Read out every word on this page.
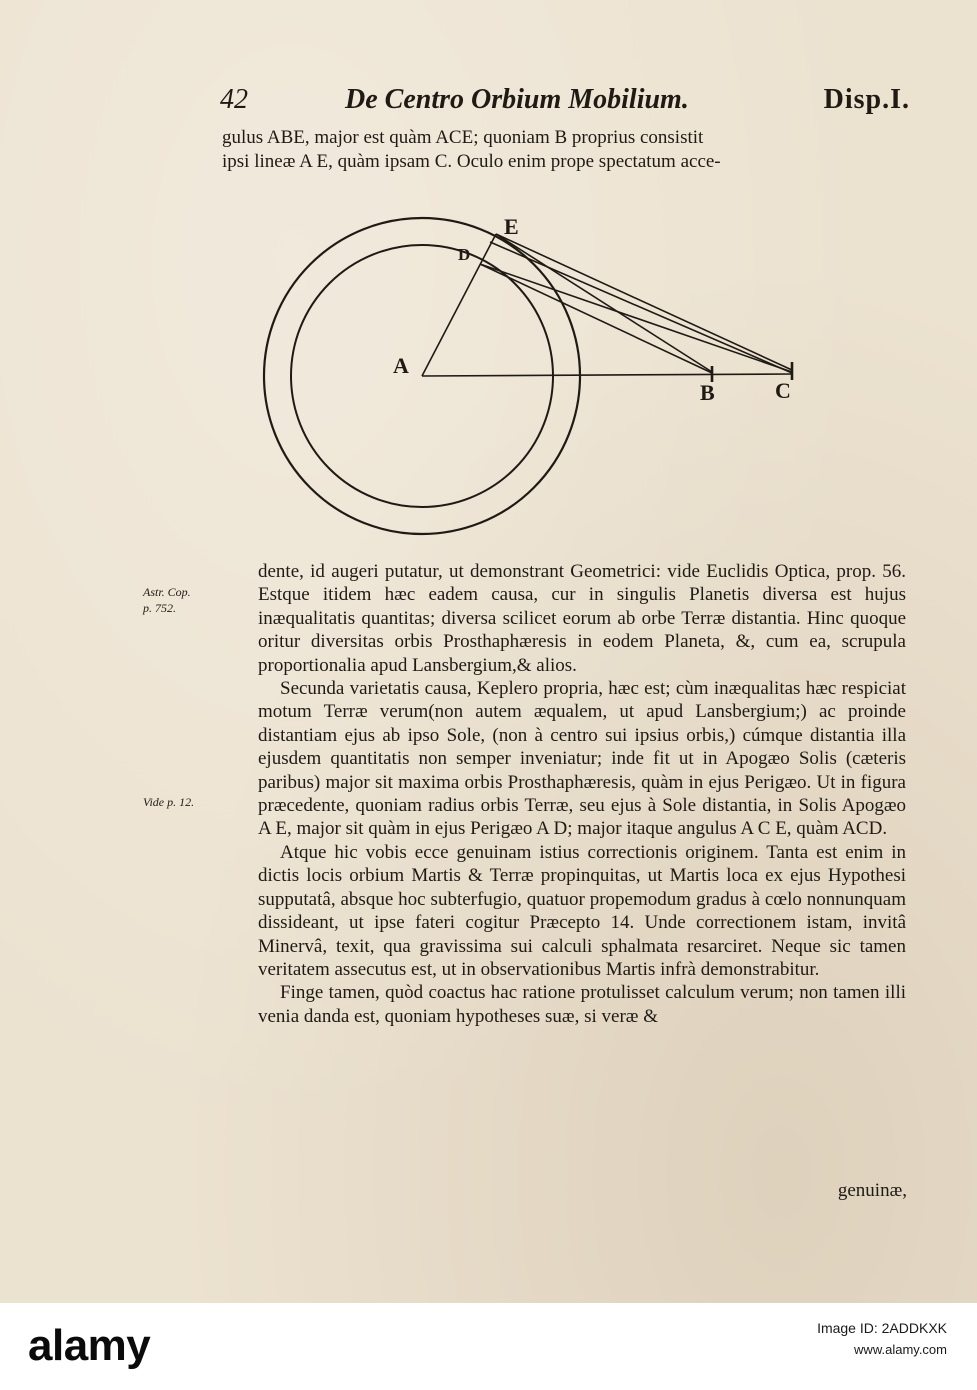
42	De Centro Orbium Mobilium.	Disp.I.
gulus ABE, major est quàm ACE; quoniam B proprius consistit
ipsi lineæ A E, quàm ipsam C. Oculo enim prope spectatum acce-
A
B	C
D
E
Astr. Cop.
p. 752.
Vide p. 12.

dente, id augeri putatur, ut demonstrant Geometrici: vide Euclidis Optica, prop. 56. Estque itidem hæc eadem causa, cur in singulis Planetis diversa est hujus inæqualitatis quantitas; diversa scilicet eorum ab orbe Terræ distantia. Hinc quoque oritur diversitas orbis Prosthaphæresis in eodem Planeta, &, cum ea, scrupula proportionalia apud Lansbergium,& alios.

Secunda varietatis causa, Keplero propria, hæc est; cùm inæqualitas hæc respiciat motum Terræ verum(non autem æqualem, ut apud Lansbergium;) ac proinde distantiam ejus ab ipso Sole, (non à centro sui ipsius orbis,) cúmque distantia illa ejusdem quantitatis non semper inveniatur; inde fit ut in Apogæo Solis (cæteris paribus) major sit maxima orbis Prosthaphæresis, quàm in ejus Perigæo. Ut in figura præcedente, quoniam radius orbis Terræ, seu ejus à Sole distantia, in Solis Apogæo A E, major sit quàm in ejus Perigæo A D; major itaque angulus A C E, quàm ACD.

Atque hic vobis ecce genuinam istius correctionis originem. Tanta est enim in dictis locis orbium Martis & Terræ propinquitas, ut Martis loca ex ejus Hypothesi supputatâ, absque hoc subterfugio, quatuor propemodum gradus à cœlo nonnunquam dissideant, ut ipse fateri cogitur Præcepto 14. Unde correctionem istam, invitâ Minervâ, texit, qua gravissima sui calculi sphalmata resarciret. Neque sic tamen veritatem assecutus est, ut in observationibus Martis infrà demonstrabitur.

Finge tamen, quòd coactus hac ratione protulisset calculum verum; non tamen illi venia danda est, quoniam hypotheses suæ, si veræ &

genuinæ,
alamy	Image ID: 2ADDKXK
www.alamy.com
